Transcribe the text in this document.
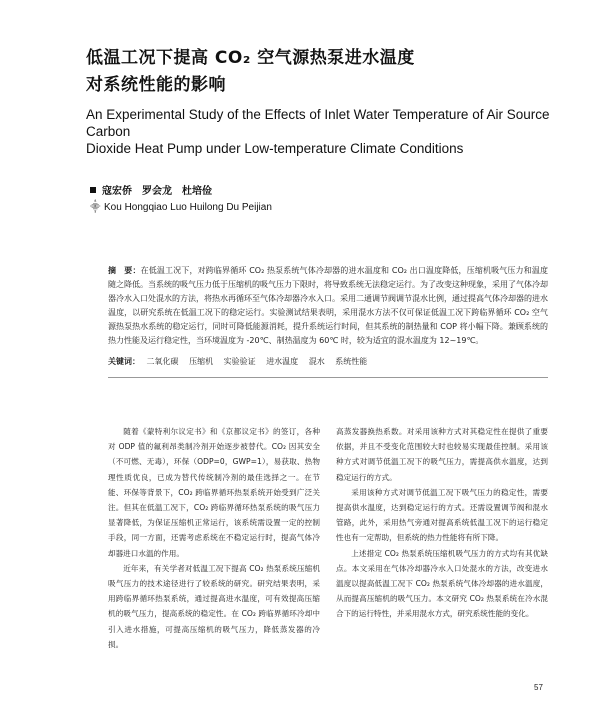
低温工况下提高 CO₂ 空气源热泵进水温度
对系统性能的影响
An Experimental Study of the Effects of Inlet Water Temperature of Air Source Carbon
Dioxide Heat Pump under Low-temperature Climate Conditions
寇宏侨　罗会龙　杜培俭
⸎ Kou Hongqiao Luo Huilong Du Peijian
摘　要：在低温工况下，对跨临界循环 CO₂ 热泵系统气体冷却器的进水温度和 CO₂ 出口温度降低，压缩机吸气压力和温度随之降低。当系统的吸气压力低于压缩机的吸气压力下限时，将导致系统无法稳定运行。为了改变这种现象，采用了气体冷却器冷水入口处混水的方法，将热水再循环至气体冷却器冷水入口。采用二通调节阀调节混水比例，通过提高气体冷却器的进水温度，以研究系统在低温工况下的稳定运行。实验测试结果表明，采用混水方法不仅可保证低温工况下跨临界循环 CO₂ 空气源热泵热水系统的稳定运行，同时可降低能源消耗，提升系统运行时间，但其系统的制热量和 COP 将小幅下降。兼顾系统的热力性能及运行稳定性，当环境温度为 -20℃、制热温度为 60℃ 时，较为适宜的混水温度为 12~19℃。
关键词： 二氧化碳 压缩机 实验验证 进水温度 混水 系统性能

随着《蒙特利尔议定书》和《京都议定书》的签订，各种对 ODP 值的氟利昂类制冷剂开始逐步被替代。CO₂ 因其安全（不可燃、无毒），环保（ODP=0，GWP=1），易获取、热物理性质优良，已成为替代传统制冷剂的最佳选择之一。在节能、环保等背景下，CO₂ 跨临界循环热泵系统开始受到广泛关注。但其在低温工况下，CO₂ 跨临界循环热泵系统的吸气压力显著降低，为保证压缩机正常运行，该系统需设置一定的控制手段，同一方面，还需考虑系统在不稳定运行时，提高气体冷却器进口水温的作用。

近年来，有关学者对低温工况下提高 CO₂ 热泵系统压缩机吸气压力的技术途径进行了较系统的研究。研究结果表明，采用跨临界循环热泵系统，通过提高进水温度，可有效提高压缩机的吸气压力，提高系统的稳定性。在 CO₂ 跨临界循环冷却中引入进水措施，可提高压缩机的吸气压力，降低蒸发器的冷损。

高蒸发器换热系数。对采用该种方式对其稳定性在提供了重要依据，并且不受变化范围较大时也较易实现最佳控制。采用该种方式对调节低温工况下的吸气压力，需提高供水温度，达到稳定运行的方式。

采用该种方式对调节低温工况下吸气压力的稳定性，需要提高供水温度，达到稳定运行的方式。还需设置调节阀和混水管路，此外，采用热气旁通对提高系统低温工况下的运行稳定性也有一定帮助，但系统的热力性能将有所下降。

上述措定 CO₂ 热泵系统压缩机吸气压力的方式均有其优缺点。本文采用在气体冷却器冷水入口处混水的方法，改变进水温度以提高低温工况下 CO₂ 热泵系统气体冷却器的进水温度，从而提高压缩机的吸气压力。本文研究 CO₂ 热泵系统在冷水混合下的运行特性，并采用混水方式，研究系统性能的变化。

57
